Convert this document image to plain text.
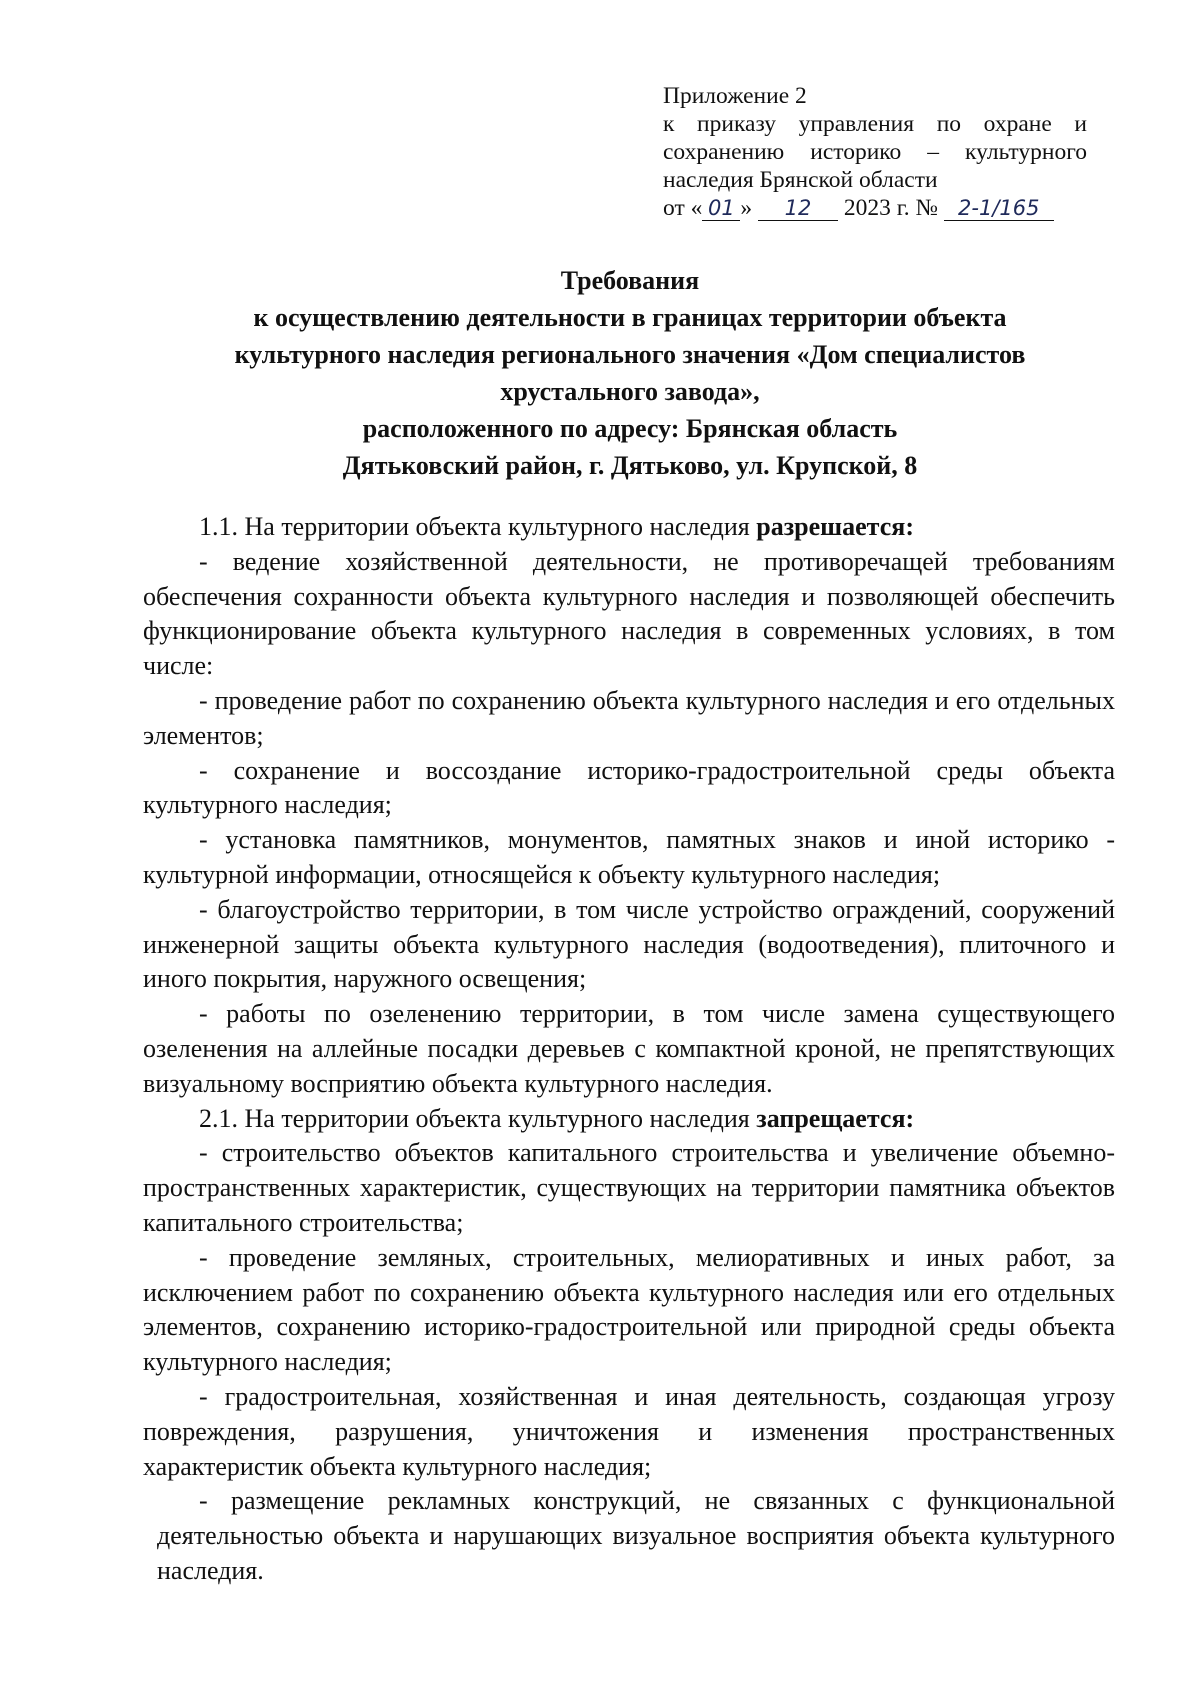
Приложение 2
к приказу управления по охране и
сохранению историко – культурного
наследия Брянской области
от « 01 » 12 2023 г. № 2-1/165
Требования
к осуществлению деятельности в границах территории объекта
культурного наследия регионального значения «Дом специалистов
хрустального завода»,
расположенного по адресу: Брянская область
Дятьковский район, г. Дятьково, ул. Крупской, 8

1.1. На территории объекта культурного наследия разрешается:

- ведение хозяйственной деятельности, не противоречащей требованиям обеспечения сохранности объекта культурного наследия и позволяющей обеспечить функционирование объекта культурного наследия в современных условиях, в том числе:

- проведение работ по сохранению объекта культурного наследия и его отдельных элементов;

- сохранение и воссоздание историко-градостроительной среды объекта культурного наследия;

- установка памятников, монументов, памятных знаков и иной историко - культурной информации, относящейся к объекту культурного наследия;

- благоустройство территории, в том числе устройство ограждений, сооружений инженерной защиты объекта культурного наследия (водоотведения), плиточного и иного покрытия, наружного освещения;

- работы по озеленению территории, в том числе замена существующего озеленения на аллейные посадки деревьев с компактной кроной, не препятствующих визуальному восприятию объекта культурного наследия.

2.1. На территории объекта культурного наследия запрещается:

- строительство объектов капитального строительства и увеличение объемно-пространственных характеристик, существующих на территории памятника объектов капитального строительства;

- проведение земляных, строительных, мелиоративных и иных работ, за исключением работ по сохранению объекта культурного наследия или его отдельных элементов, сохранению историко-градостроительной или природной среды объекта культурного наследия;

- градостроительная, хозяйственная и иная деятельность, создающая угрозу повреждения, разрушения, уничтожения и изменения пространственных характеристик объекта культурного наследия;

- размещение рекламных конструкций, не связанных с функциональной деятельностью объекта и нарушающих визуальное восприятия объекта культурного наследия.
